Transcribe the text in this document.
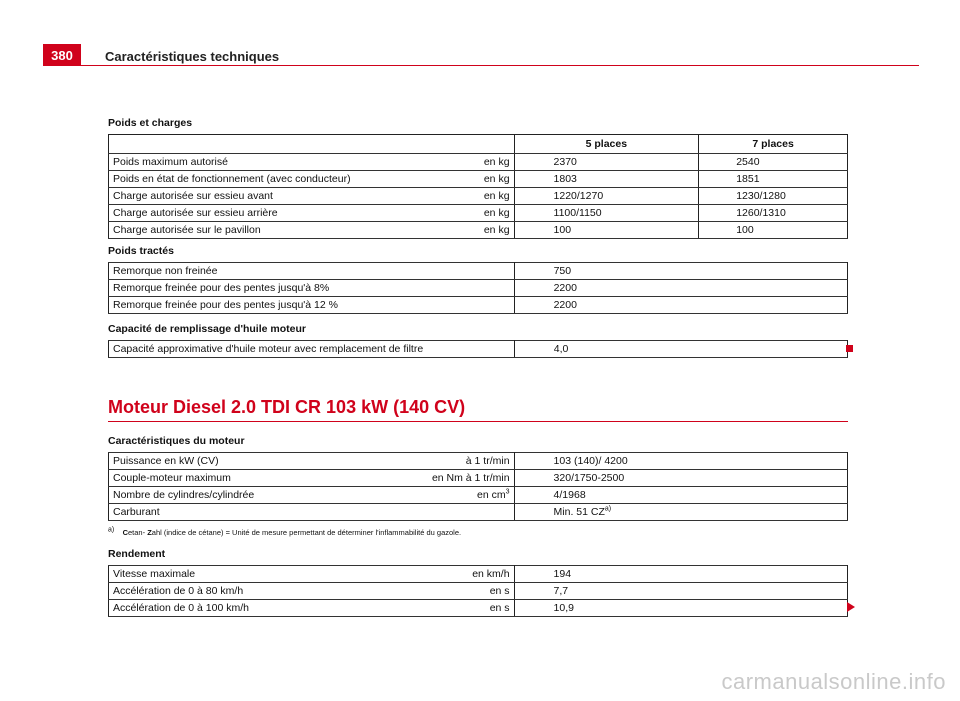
380	Caractéristiques techniques
Poids et charges
		5 places	7 places
Poids maximum autorisé	en kg	2370	2540
Poids en état de fonctionnement (avec conducteur)	en kg	1803	1851
Charge autorisée sur essieu avant	en kg	1220/1270	1230/1280
Charge autorisée sur essieu arrière	en kg	1100/1150	1260/1310
Charge autorisée sur le pavillon	en kg	100	100
Poids tractés
Remorque non freinée	750
Remorque freinée pour des pentes jusqu'à 8%	2200
Remorque freinée pour des pentes jusqu'à 12 %	2200
Capacité de remplissage d'huile moteur
Capacité approximative d'huile moteur avec remplacement de filtre	4,0
Moteur Diesel 2.0 TDI CR 103 kW (140 CV)
Caractéristiques du moteur
Puissance en kW (CV)	à 1 tr/min	103 (140)/ 4200
Couple-moteur maximum	en Nm à 1 tr/min	320/1750-2500
Nombre de cylindres/cylindrée	en $cm^3$	4/1968
Carburant		Min. 51 CZ$^{a)}$
$^{a)}$ Cetan- Zahl (indice de cétane) = Unité de mesure permettant de déterminer l'inflammabilité du gazole.
Rendement
Vitesse maximale	en km/h	194
Accélération de 0 à 80 km/h	en s	7,7
Accélération de 0 à 100 km/h	en s	10,9
carmanualsonline.info
